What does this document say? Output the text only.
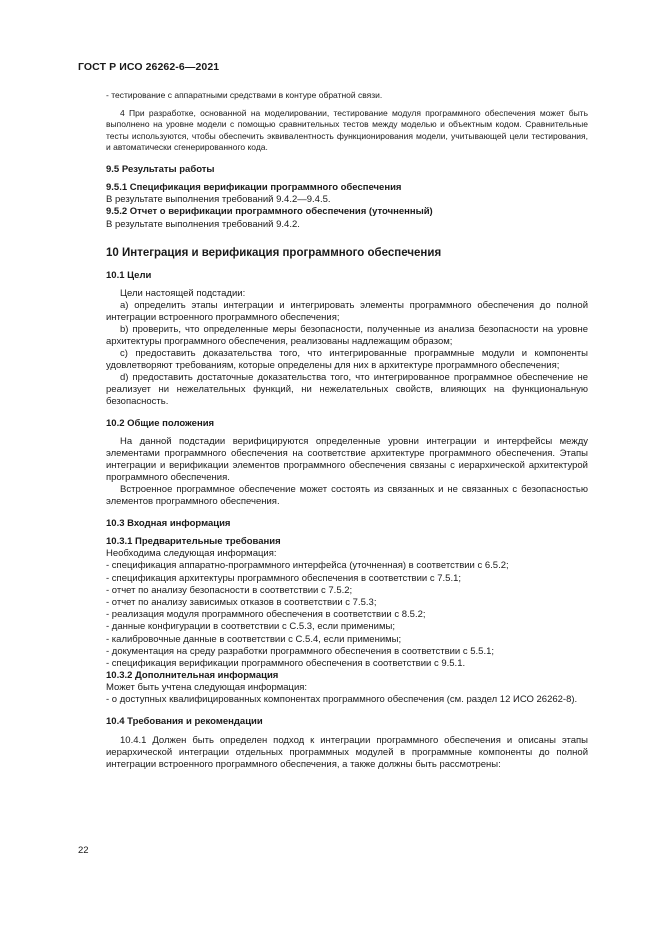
ГОСТ Р ИСО 26262-6—2021

- тестирование с аппаратными средствами в контуре обратной связи.

4 При разработке, основанной на моделировании, тестирование модуля программного обеспечения может быть выполнено на уровне модели с помощью сравнительных тестов между моделью и объектным кодом. Сравнительные тесты используются, чтобы обеспечить эквивалентность функционирования модели, учитывающей цели тестирования, и автоматически сгенерированного кода.

9.5 Результаты работы

9.5.1 Спецификация верификации программного обеспечения

В результате выполнения требований 9.4.2—9.4.5.

9.5.2 Отчет о верификации программного обеспечения (уточненный)

В результате выполнения требований 9.4.2.

10 Интеграция и верификация программного обеспечения
10.1 Цели

Цели настоящей подстадии:

а) определить этапы интеграции и интегрировать элементы программного обеспечения до полной интеграции встроенного программного обеспечения;

b) проверить, что определенные меры безопасности, полученные из анализа безопасности на уровне архитектуры программного обеспечения, реализованы надлежащим образом;

c) предоставить доказательства того, что интегрированные программные модули и компоненты удовлетворяют требованиям, которые определены для них в архитектуре программного обеспечения;

d) предоставить достаточные доказательства того, что интегрированное программное обеспечение не реализует ни нежелательных функций, ни нежелательных свойств, влияющих на функциональную безопасность.

10.2 Общие положения

На данной подстадии верифицируются определенные уровни интеграции и интерфейсы между элементами программного обеспечения на соответствие архитектуре программного обеспечения. Этапы интеграции и верификации элементов программного обеспечения связаны с иерархической архитектурой программного обеспечения.

Встроенное программное обеспечение может состоять из связанных и не связанных с безопасностью элементов программного обеспечения.

10.3 Входная информация

10.3.1 Предварительные требования

Необходима следующая информация:

- спецификация аппаратно-программного интерфейса (уточненная) в соответствии с 6.5.2;
- спецификация архитектуры программного обеспечения в соответствии с 7.5.1;
- отчет по анализу безопасности в соответствии с 7.5.2;
- отчет по анализу зависимых отказов в соответствии с 7.5.3;
- реализация модуля программного обеспечения в соответствии с 8.5.2;
- данные конфигурации в соответствии с С.5.3, если применимы;
- калибровочные данные в соответствии с С.5.4, если применимы;
- документация на среду разработки программного обеспечения в соответствии с 5.5.1;
- спецификация верификации программного обеспечения в соответствии с 9.5.1.

10.3.2 Дополнительная информация

Может быть учтена следующая информация:

- о доступных квалифицированных компонентах программного обеспечения (см. раздел 12 ИСО 26262-8).

10.4 Требования и рекомендации

10.4.1 Должен быть определен подход к интеграции программного обеспечения и описаны этапы иерархической интеграции отдельных программных модулей в программные компоненты до полной интеграции встроенного программного обеспечения, а также должны быть рассмотрены:

22
